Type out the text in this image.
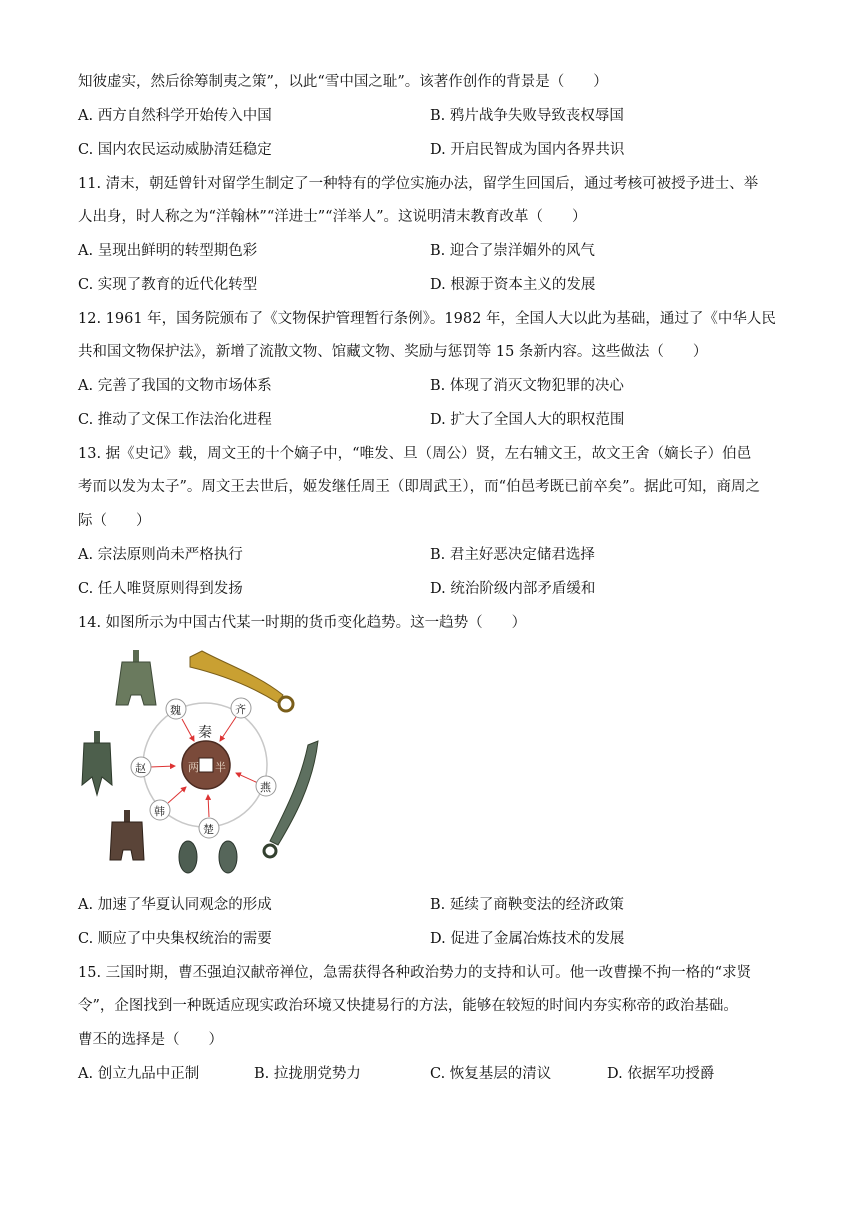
知彼虚实，然后徐筹制夷之策”，以此“雪中国之耻”。该著作创作的背景是（　　）
A. 西方自然科学开始传入中国	B. 鸦片战争失败导致丧权辱国
C. 国内农民运动威胁清廷稳定	D. 开启民智成为国内各界共识
11. 清末，朝廷曾针对留学生制定了一种特有的学位实施办法，留学生回国后，通过考核可被授予进士、举
人出身，时人称之为“洋翰林”“洋进士”“洋举人”。这说明清末教育改革（　　）
A. 呈现出鲜明的转型期色彩	B. 迎合了崇洋媚外的风气
C. 实现了教育的近代化转型	D. 根源于资本主义的发展
12. 1961 年，国务院颁布了《文物保护管理暂行条例》。1982 年，全国人大以此为基础，通过了《中华人民
共和国文物保护法》，新增了流散文物、馆藏文物、奖励与惩罚等 15 条新内容。这些做法（　　）
A. 完善了我国的文物市场体系	B. 体现了消灭文物犯罪的决心
C. 推动了文保工作法治化进程	D. 扩大了全国人大的职权范围
13. 据《史记》载，周文王的十个嫡子中，“唯发、旦（周公）贤，左右辅文王，故文王舍（嫡长子）伯邑
考而以发为太子”。周文王去世后，姬发继任周王（即周武王），而“伯邑考既已前卒矣”。据此可知，商周之
际（　　）
A. 宗法原则尚未严格执行	B. 君主好恶决定储君选择
C. 任人唯贤原则得到发扬	D. 统治阶级内部矛盾缓和
14. 如图所示为中国古代某一时期的货币变化趋势。这一趋势（　　）
两 半
秦
魏	齐
赵
燕
韩
楚
A. 加速了华夏认同观念的形成	B. 延续了商鞅变法的经济政策
C. 顺应了中央集权统治的需要	D. 促进了金属冶炼技术的发展
15. 三国时期，曹丕强迫汉献帝禅位，急需获得各种政治势力的支持和认可。他一改曹操不拘一格的“求贤
令”，企图找到一种既适应现实政治环境又快捷易行的方法，能够在较短的时间内夯实称帝的政治基础。
曹丕的选择是（　　）
A. 创立九品中正制	B. 拉拢朋党势力	C. 恢复基层的清议	D. 依据军功授爵
